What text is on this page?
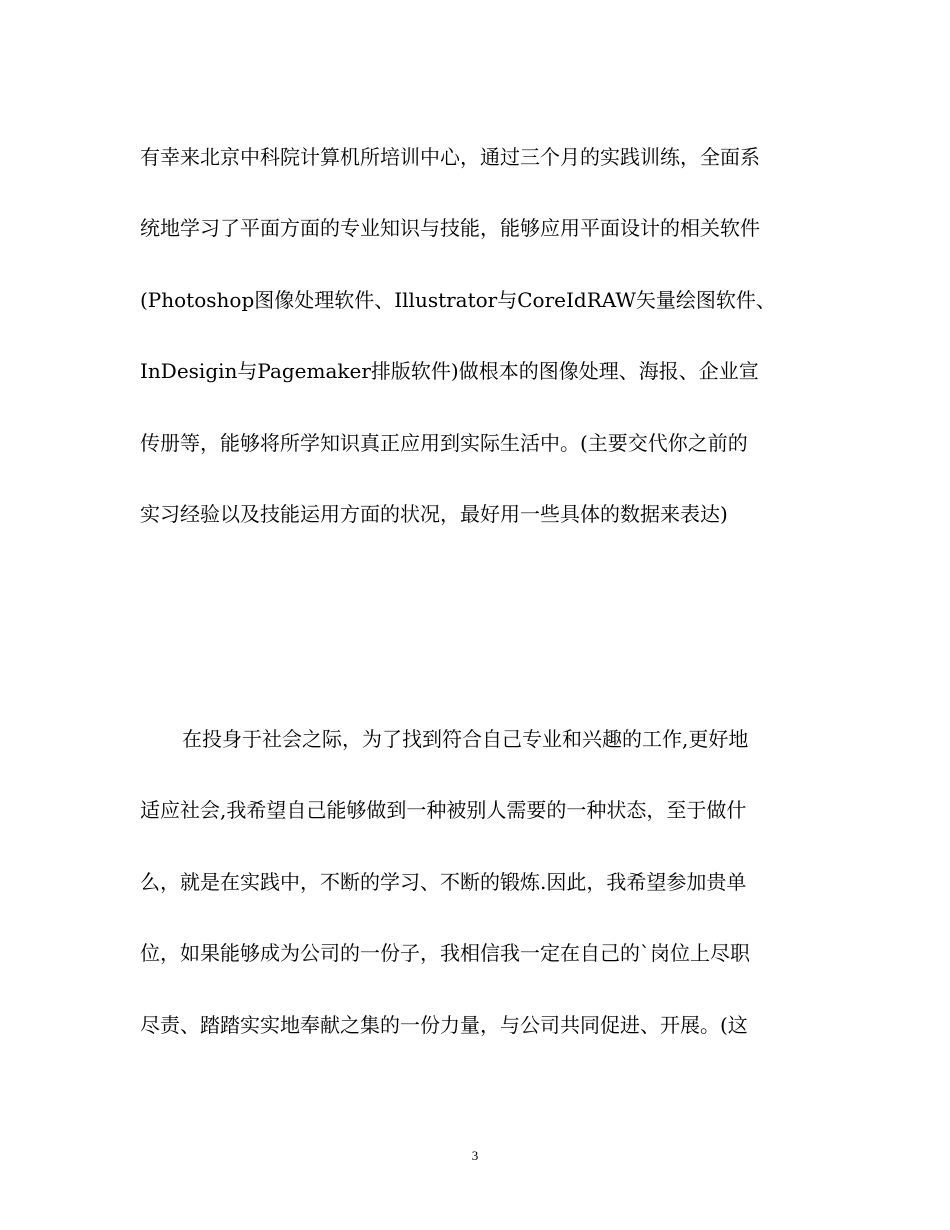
有幸来北京中科院计算机所培训中心，通过三个月的实践训练，全面系
统地学习了平面方面的专业知识与技能，能够应用平面设计的相关软件
(Photoshop图像处理软件、Illustrator与CoreIdRAW矢量绘图软件、
InDesigin与Pagemaker排版软件)做根本的图像处理、海报、企业宣
传册等，能够将所学知识真正应用到实际生活中。(主要交代你之前的
实习经验以及技能运用方面的状况，最好用一些具体的数据来表达)
在投身于社会之际，为了找到符合自己专业和兴趣的工作,更好地
适应社会,我希望自己能够做到一种被别人需要的一种状态，至于做什
么，就是在实践中，不断的学习、不断的锻炼.因此，我希望参加贵单
位，如果能够成为公司的一份子，我相信我一定在自己的`岗位上尽职
尽责、踏踏实实地奉献之集的一份力量，与公司共同促进、开展。(这
3
